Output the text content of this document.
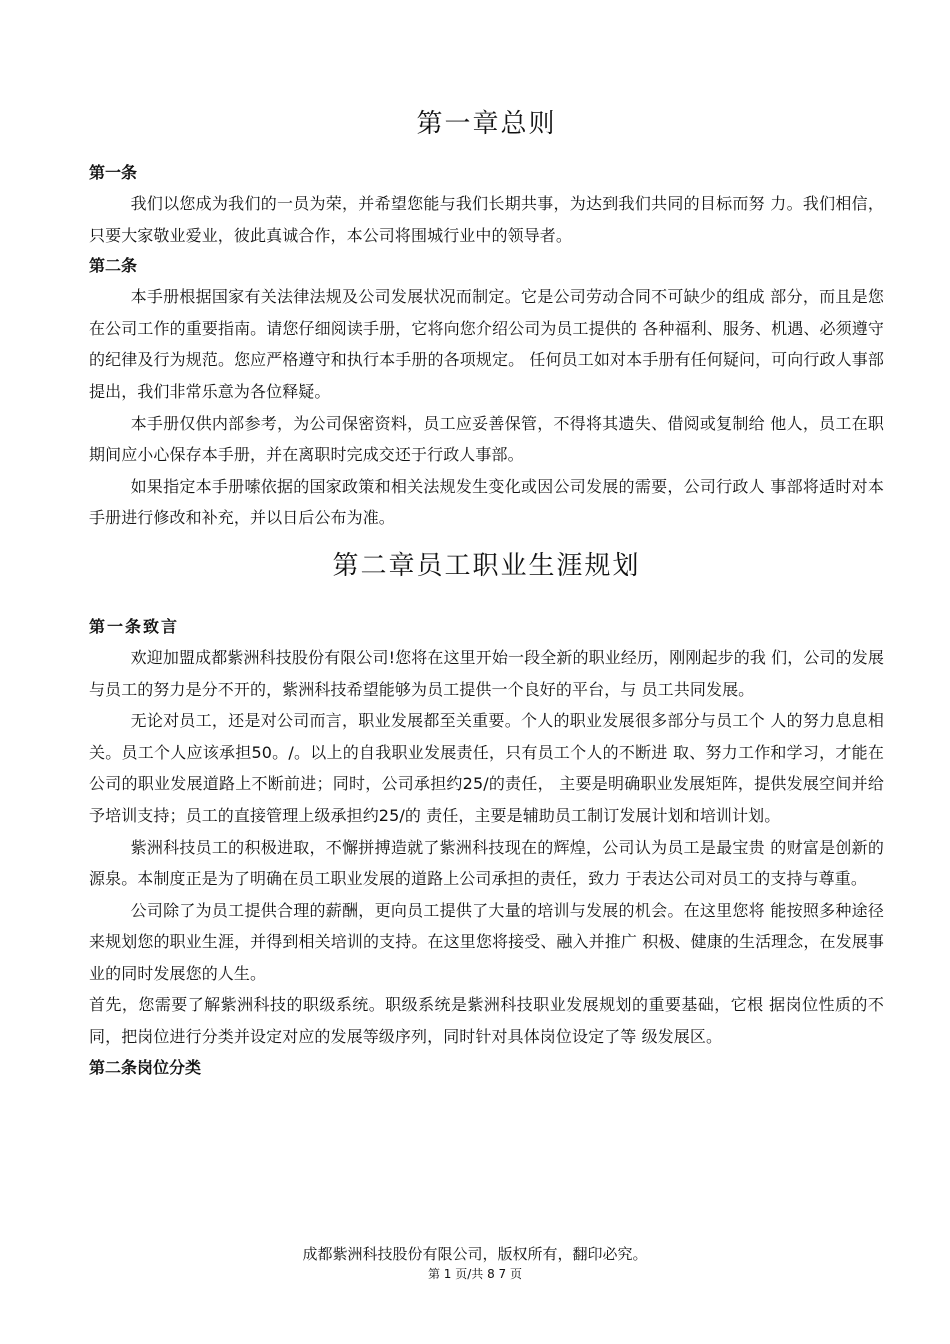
第一章总则
第一条

我们以您成为我们的一员为荣，并希望您能与我们长期共事，为达到我们共同的目标而努 力。我们相信，只要大家敬业爱业，彼此真诚合作，本公司将围城行业中的领导者。

第二条

本手册根据国家有关法律法规及公司发展状况而制定。它是公司劳动合同不可缺少的组成 部分，而且是您在公司工作的重要指南。请您仔细阅读手册，它将向您介绍公司为员工提供的 各种福利、服务、机遇、必须遵守的纪律及行为规范。您应严格遵守和执行本手册的各项规定。 任何员工如对本手册有任何疑问，可向行政人事部提出，我们非常乐意为各位释疑。

本手册仅供内部参考，为公司保密资料，员工应妥善保管，不得将其遗失、借阅或复制给 他人，员工在职期间应小心保存本手册，并在离职时完成交还于行政人事部。

如果指定本手册嗦依据的国家政策和相关法规发生变化或因公司发展的需要，公司行政人 事部将适时对本手册进行修改和补充，并以日后公布为准。

第二章员工职业生涯规划
第一条致言

欢迎加盟成都紫洲科技股份有限公司!您将在这里开始一段全新的职业经历，刚刚起步的我 们，公司的发展与员工的努力是分不开的，紫洲科技希望能够为员工提供一个良好的平台，与 员工共同发展。

无论对员工，还是对公司而言，职业发展都至关重要。个人的职业发展很多部分与员工个 人的努力息息相关。员工个人应该承担50。/。以上的自我职业发展责任，只有员工个人的不断进 取、努力工作和学习，才能在公司的职业发展道路上不断前进；同时，公司承担约25/的责任， 主要是明确职业发展矩阵，提供发展空间并给予培训支持；员工的直接管理上级承担约25/的 责任，主要是辅助员工制订发展计划和培训计划。

紫洲科技员工的积极进取，不懈拼搏造就了紫洲科技现在的辉煌，公司认为员工是最宝贵 的财富是创新的源泉。本制度正是为了明确在员工职业发展的道路上公司承担的责任，致力 于表达公司对员工的支持与尊重。

公司除了为员工提供合理的薪酬，更向员工提供了大量的培训与发展的机会。在这里您将 能按照多种途径来规划您的职业生涯，并得到相关培训的支持。在这里您将接受、融入并推广 积极、健康的生活理念，在发展事业的同时发展您的人生。

首先，您需要了解紫洲科技的职级系统。职级系统是紫洲科技职业发展规划的重要基础，它根 据岗位性质的不同，把岗位进行分类并设定对应的发展等级序列，同时针对具体岗位设定了等 级发展区。

第二条岗位分类
成都紫洲科技股份有限公司，版权所有，翻印必究。
第 1 页/共 8 7 页
